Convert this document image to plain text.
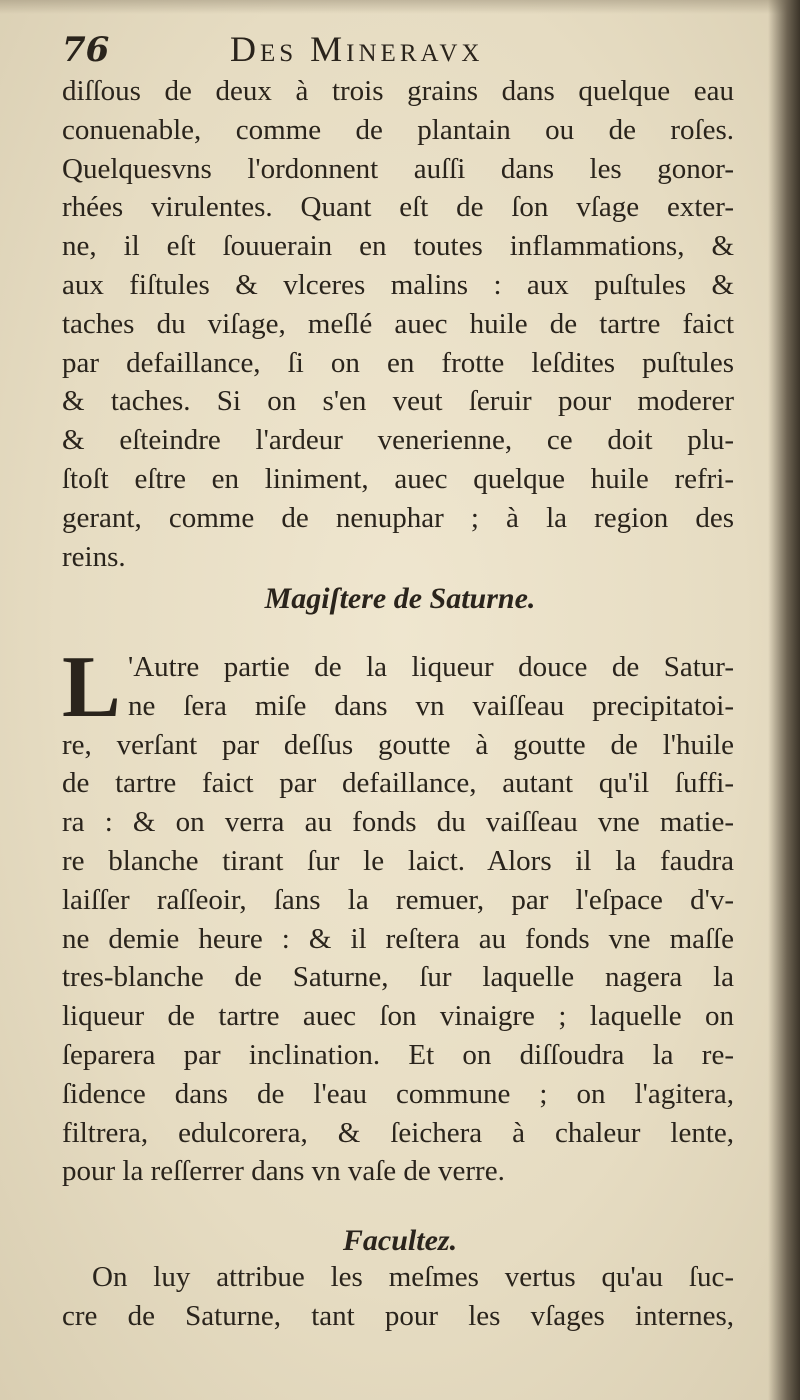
76	Des Mineravx
diſſous de deux à trois grains dans quelque eau
conuenable, comme de plantain ou de roſes.
Quelquesvns l'ordonnent auſſi dans les gonor-
rhées virulentes. Quant eſt de ſon vſage exter-
ne, il eſt ſouuerain en toutes inflammations, &
aux fiſtules & vlceres malins : aux puſtules &
taches du viſage, meſlé auec huile de tartre faict
par defaillance, ſi on en frotte leſdites puſtules
& taches. Si on s'en veut ſeruir pour moderer
& eſteindre l'ardeur venerienne, ce doit plu-
ſtoſt eſtre en liniment, auec quelque huile refri-
gerant, comme de nenuphar ; à la region des
reins.
Magiſtere de Saturne.
L 'Autre partie de la liqueur douce de Satur-
ne ſera miſe dans vn vaiſſeau precipitatoi-
re, verſant par deſſus goutte à goutte de l'huile
de tartre faict par defaillance, autant qu'il ſuffi-
ra : & on verra au fonds du vaiſſeau vne matie-
re blanche tirant ſur le laict. Alors il la faudra
laiſſer raſſeoir, ſans la remuer, par l'eſpace d'v-
ne demie heure : & il reſtera au fonds vne maſſe
tres-blanche de Saturne, ſur laquelle nagera la
liqueur de tartre auec ſon vinaigre ; laquelle on
ſeparera par inclination. Et on diſſoudra la re-
ſidence dans de l'eau commune ; on l'agitera,
filtrera, edulcorera, & ſeichera à chaleur lente,
pour la reſſerrer dans vn vaſe de verre.
Facultez.
On luy attribue les meſmes vertus qu'au ſuc-
cre de Saturne, tant pour les vſages internes,
